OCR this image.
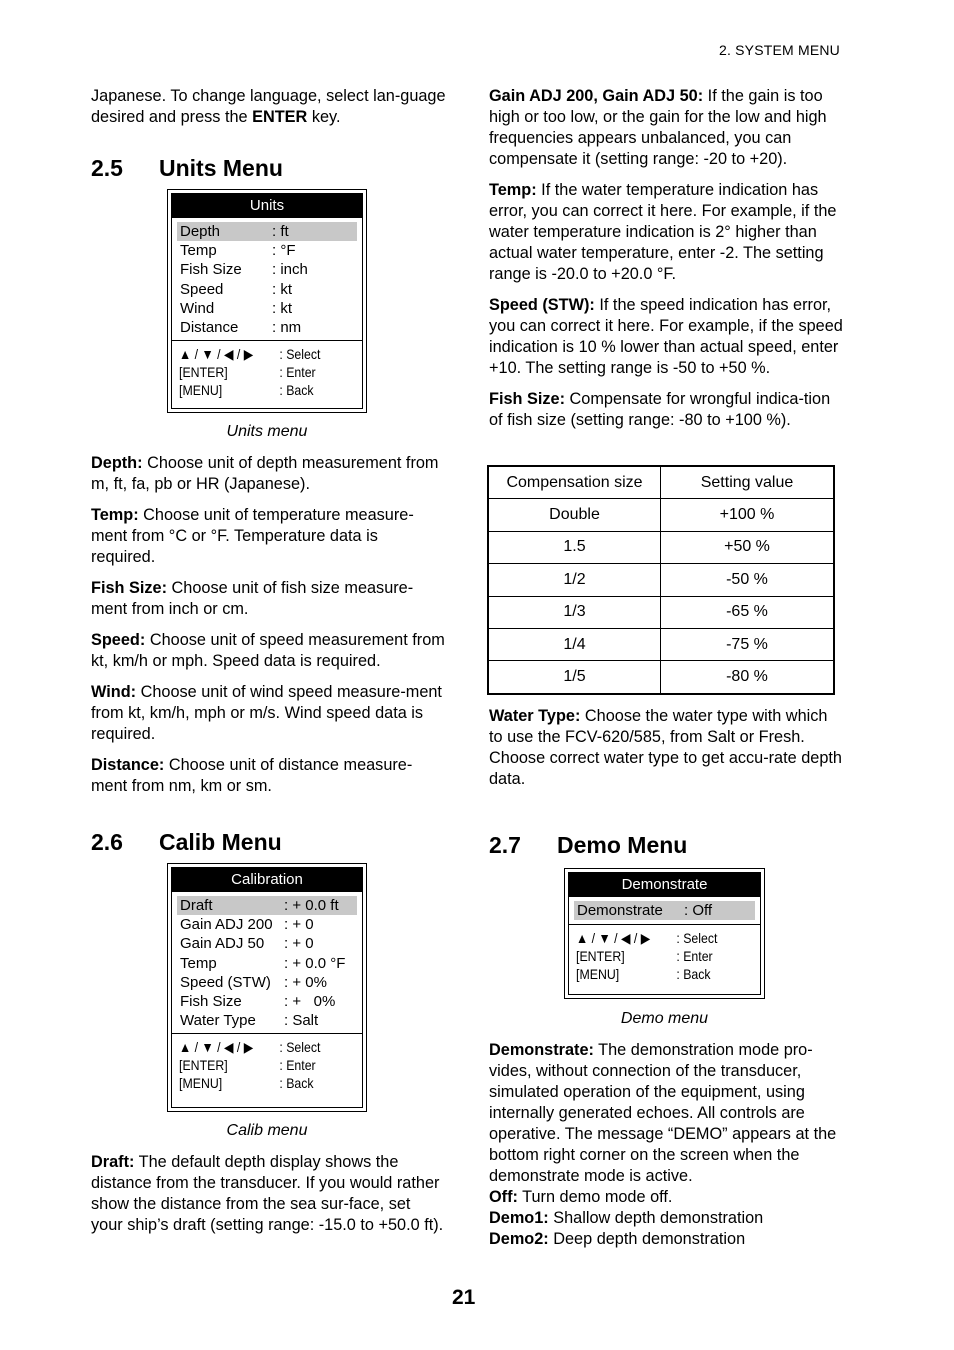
2. SYSTEM MENU

Japanese. To change language, select lan-guage desired and press the ENTER key.

2.5 Units Menu
Units
Depth	: ft
Temp	: °F
Fish Size : inch
Speed	: kt
Wind	: kt
Distance : nm
▲ / ▼ / ◀ / ▶ : Select
[ENTER]	: Enter
[MENU]	: Back
Units menu

Depth: Choose unit of depth measurement from m, ft, fa, pb or HR (Japanese).

Temp: Choose unit of temperature measure-ment from °C or °F. Temperature data is required.

Fish Size: Choose unit of fish size measure-ment from inch or cm.

Speed: Choose unit of speed measurement from kt, km/h or mph. Speed data is required.

Wind: Choose unit of wind speed measure-ment from kt, km/h, mph or m/s. Wind speed data is required.

Distance: Choose unit of distance measure-ment from nm, km or sm.

2.6 Calib Menu
Calibration
Draft	: + 0.0 ft
Gain ADJ 200 : + 0
Gain ADJ 50 : + 0
Temp	: + 0.0 °F
Speed (STW) : + 0%
Fish Size	: +   0%
Water Type : Salt
▲ / ▼ / ◀ / ▶ : Select
[ENTER]	: Enter
[MENU]	: Back
Calib menu

Draft: The default depth display shows the distance from the transducer. If you would rather show the distance from the sea sur-face, set your ship’s draft (setting range: -15.0 to +50.0 ft).

Gain ADJ 200, Gain ADJ 50: If the gain is too high or too low, or the gain for the low and high frequencies appears unbalanced, you can compensate it (setting range: -20 to +20).

Temp: If the water temperature indication has error, you can correct it here. For example, if the water temperature indication is 2° higher than actual water temperature, enter -2. The setting range is -20.0 to +20.0 °F.

Speed (STW): If the speed indication has error, you can correct it here. For example, if the speed indication is 10 % lower than actual speed, enter +10. The setting range is -50 to +50 %.

Fish Size: Compensate for wrongful indica-tion of fish size (setting range: -80 to +100 %).

Compensation size	Setting value
Double	+100 %
1.5	+50 %
1/2	-50 %
1/3	-65 %
1/4	-75 %
1/5	-80 %

Water Type: Choose the water type with which to use the FCV-620/585, from Salt or Fresh. Choose correct water type to get accu-rate depth data.

2.7 Demo Menu
Demonstrate
Demonstrate : Off
▲ / ▼ / ◀ / ▶ : Select
[ENTER]	: Enter
[MENU]	: Back
Demo menu

Demonstrate: The demonstration mode pro-vides, without connection of the transducer, simulated operation of the equipment, using internally generated echoes. All controls are operative. The message “DEMO” appears at the bottom right corner on the screen when the demonstrate mode is active.

Off: Turn demo mode off.

Demo1: Shallow depth demonstration

Demo2: Deep depth demonstration

21
